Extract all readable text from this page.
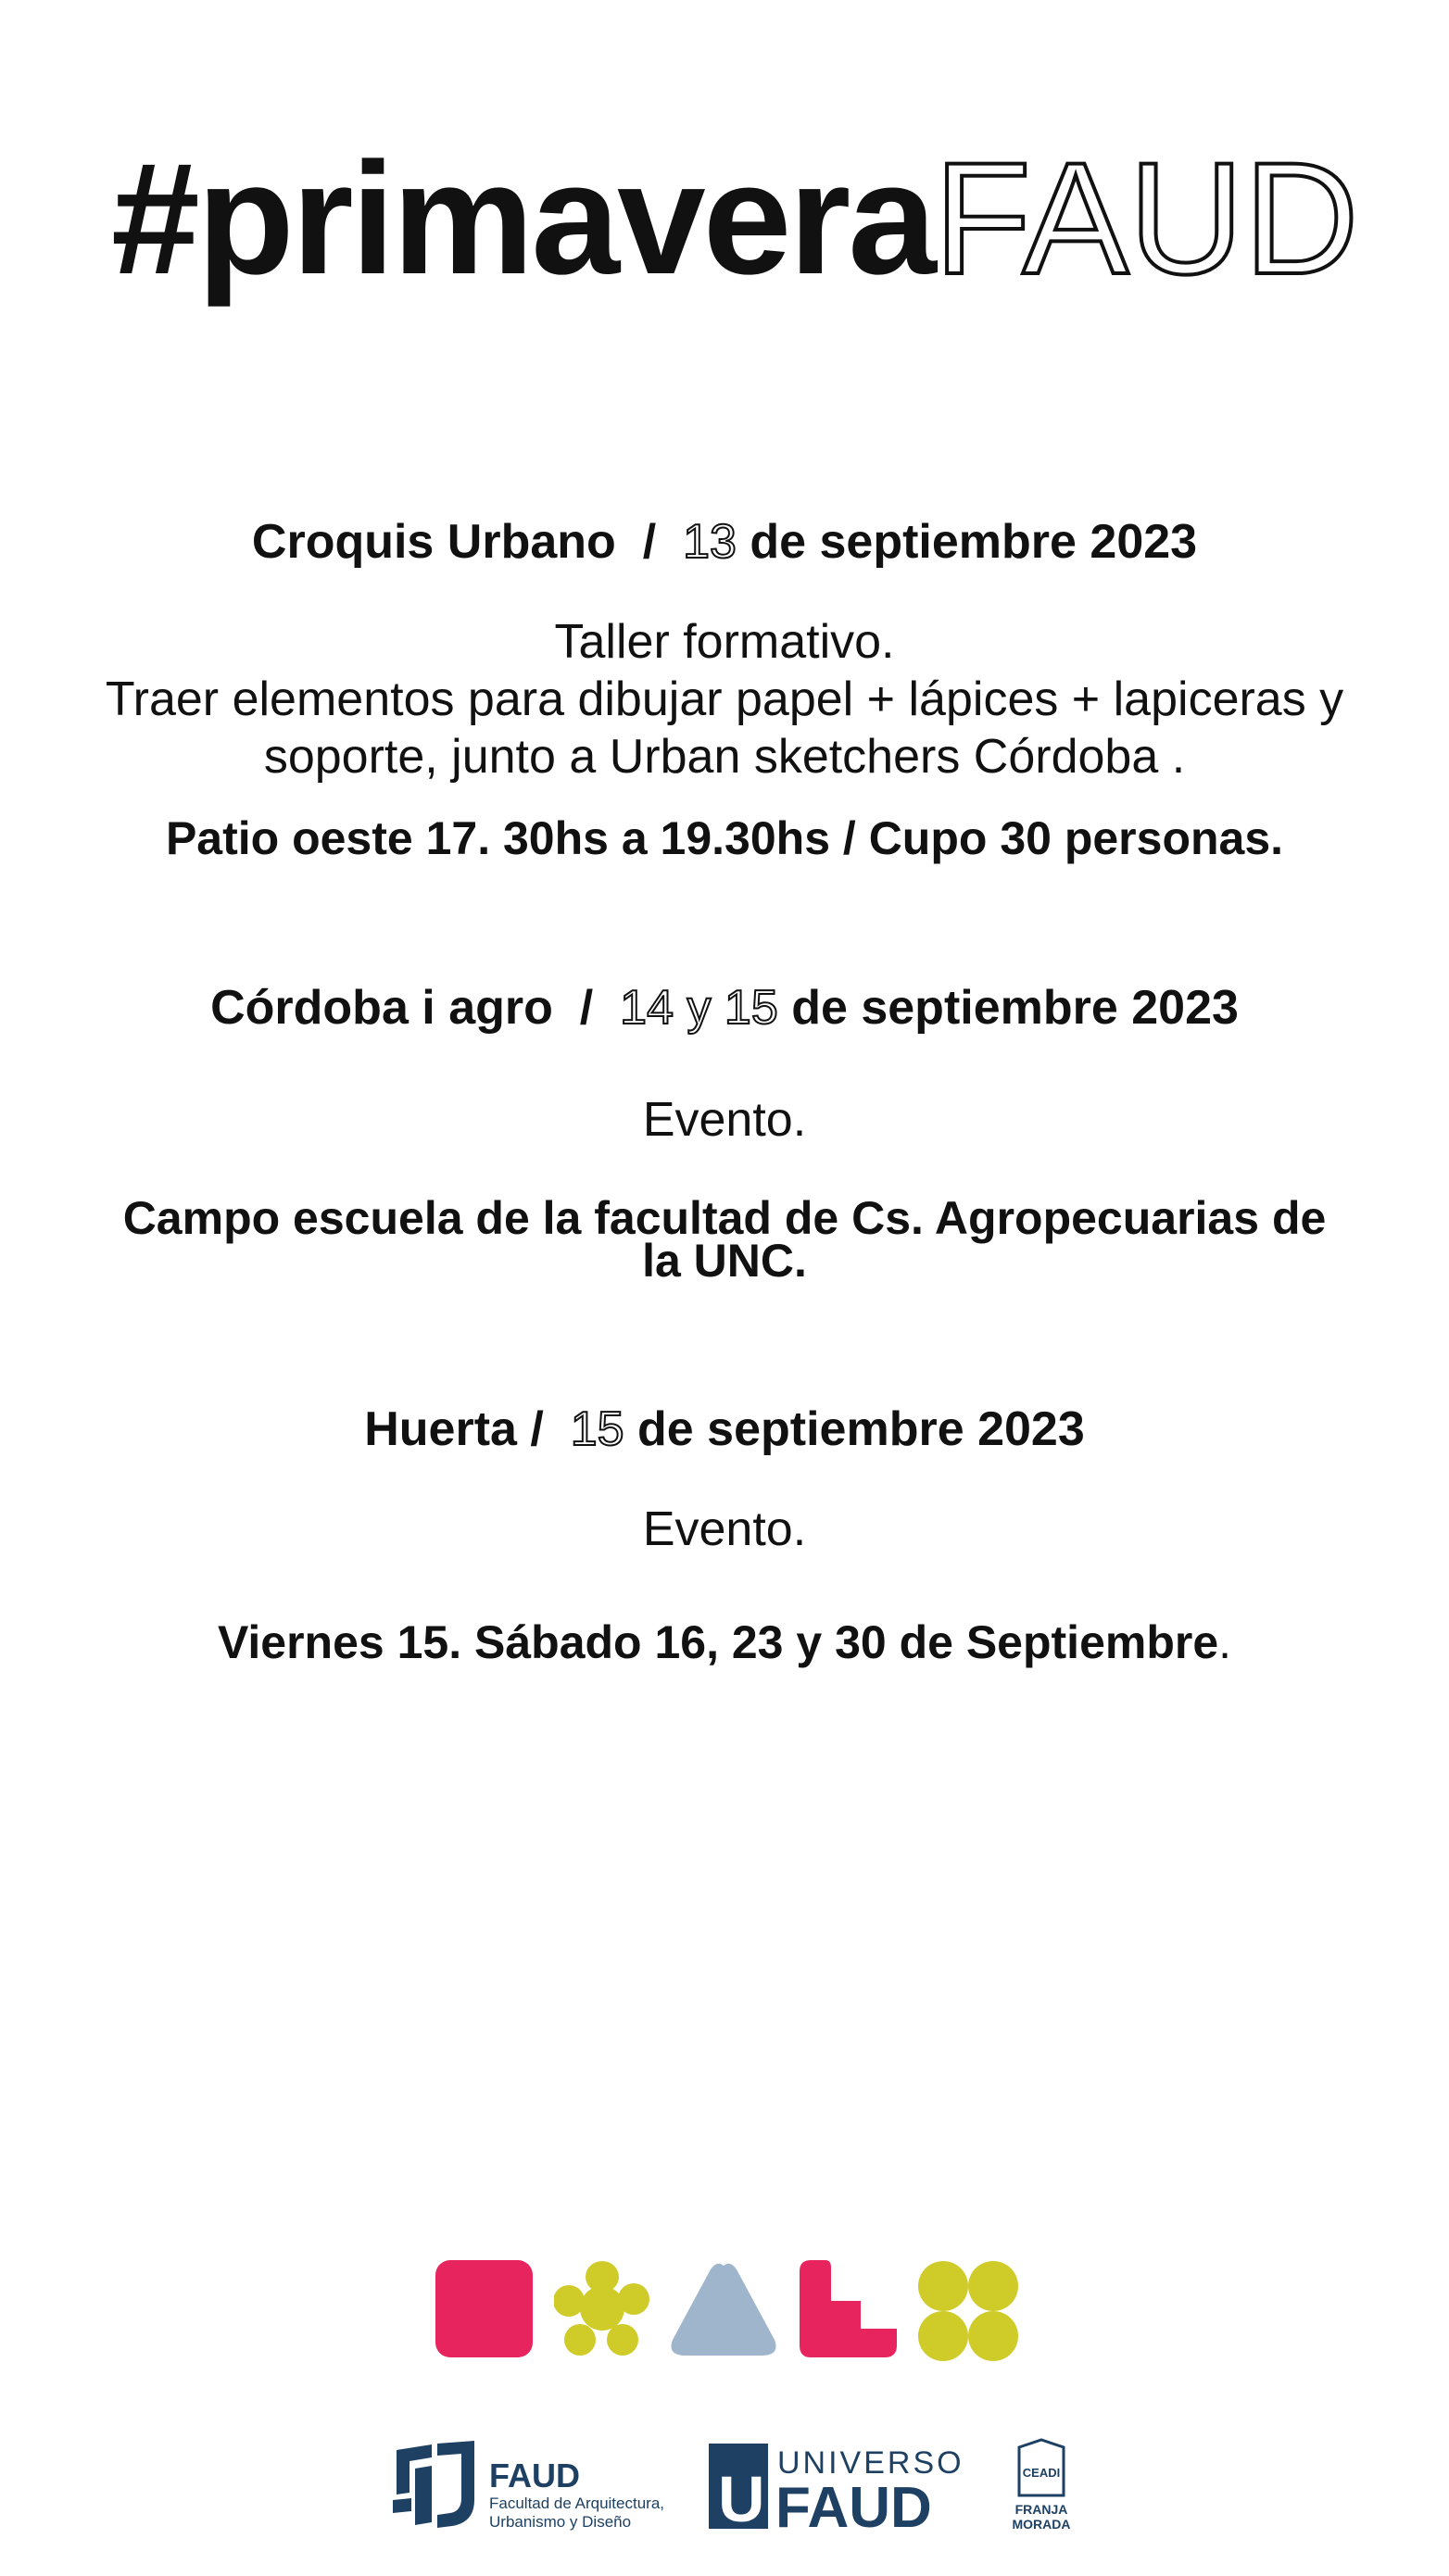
#primaveraFAUD

Croquis Urbano / 13 de septiembre 2023

Taller formativo.

Traer elementos para dibujar papel + lápices + lapiceras y

soporte, junto a Urban sketchers Córdoba .

Patio oeste 17. 30hs a 19.30hs / Cupo 30 personas.

Córdoba i agro / 14 y 15 de septiembre 2023

Evento.

Campo escuela de la facultad de Cs. Agropecuarias de

la UNC.

Huerta / 15 de septiembre 2023

Evento.

Viernes 15. Sábado 16, 23 y 30 de Septiembre.

FAUD
Facultad de Arquitectura,
Urbanismo y Diseño U UNIVERSO
FAUD
CEADI
FRANJA
MORADA
